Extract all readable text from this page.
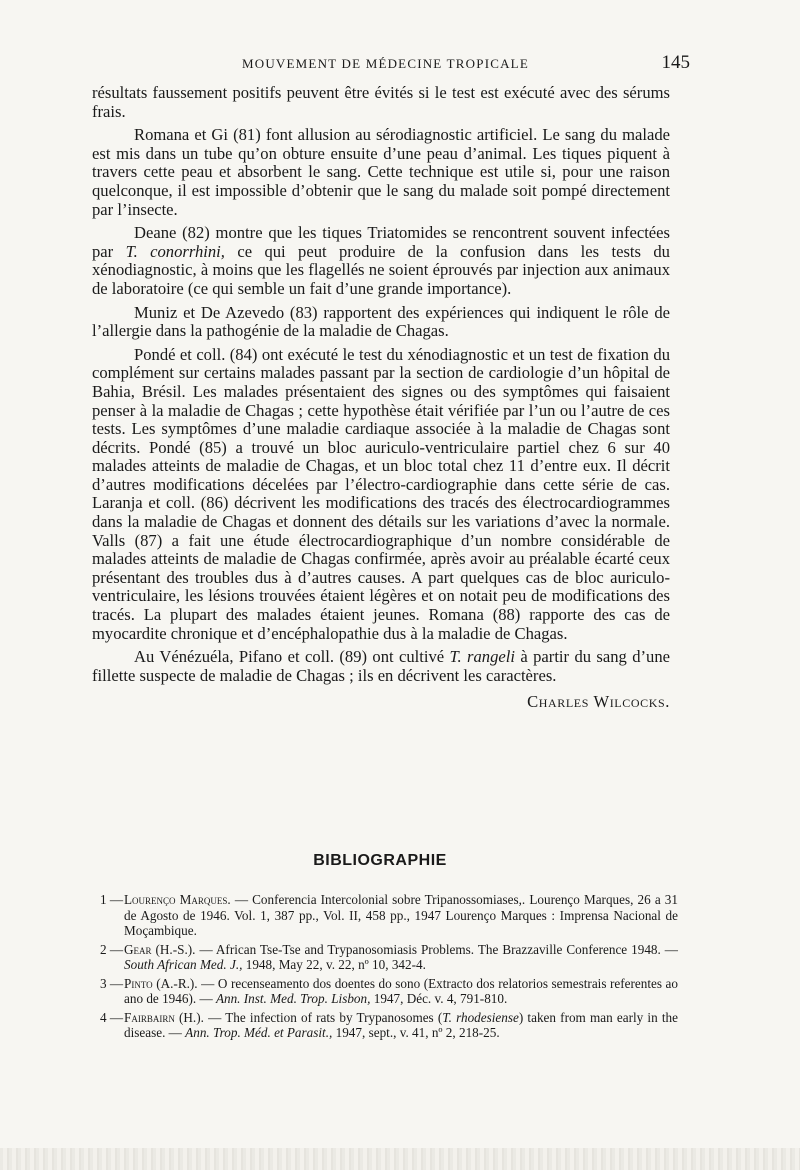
MOUVEMENT DE MÉDECINE TROPICALE	145

résultats faussement positifs peuvent être évités si le test est exécuté avec des sérums frais.

Romana et Gi (81) font allusion au sérodiagnostic artificiel. Le sang du malade est mis dans un tube qu’on obture ensuite d’une peau d’animal. Les tiques piquent à travers cette peau et absorbent le sang. Cette technique est utile si, pour une raison quelconque, il est impossible d’obtenir que le sang du malade soit pompé directement par l’insecte.

Deane (82) montre que les tiques Triatomides se rencontrent souvent infectées par T. conorrhini, ce qui peut produire de la confusion dans les tests du xénodiagnostic, à moins que les flagellés ne soient éprouvés par injection aux animaux de laboratoire (ce qui semble un fait d’une grande importance).

Muniz et De Azevedo (83) rapportent des expériences qui indiquent le rôle de l’allergie dans la pathogénie de la maladie de Chagas.

Pondé et coll. (84) ont exécuté le test du xénodiagnostic et un test de fixation du complément sur certains malades passant par la section de cardiologie d’un hôpital de Bahia, Brésil. Les malades présentaient des signes ou des symptômes qui faisaient penser à la maladie de Chagas ; cette hypothèse était vérifiée par l’un ou l’autre de ces tests. Les symptômes d’une maladie cardiaque associée à la maladie de Chagas sont décrits. Pondé (85) a trouvé un bloc auriculo-ventriculaire partiel chez 6 sur 40 malades atteints de maladie de Chagas, et un bloc total chez 11 d’entre eux. Il décrit d’autres modifications décelées par l’électro-cardiographie dans cette série de cas. Laranja et coll. (86) décrivent les modifications des tracés des électrocardiogrammes dans la maladie de Chagas et donnent des détails sur les variations d’avec la normale. Valls (87) a fait une étude électrocardiographique d’un nombre considérable de malades atteints de maladie de Chagas confirmée, après avoir au préalable écarté ceux présentant des troubles dus à d’autres causes. A part quelques cas de bloc auriculo-ventriculaire, les lésions trouvées étaient légères et on notait peu de modifications des tracés. La plupart des malades étaient jeunes. Romana (88) rapporte des cas de myocardite chronique et d’encéphalopathie dus à la maladie de Chagas.

Au Vénézuéla, Pifano et coll. (89) ont cultivé T. rangeli à partir du sang d’une fillette suspecte de maladie de Chagas ; ils en décrivent les caractères.

Charles Wilcocks.
BIBLIOGRAPHIE
1 — Lourenço Marques. — Conferencia Intercolonial sobre Tripanossomiases,. Lourenço Marques, 26 a 31 de Agosto de 1946. Vol. 1, 387 pp., Vol. II, 458 pp., 1947 Lourenço Marques : Imprensa Nacional de Moçambique.
2 — Gear (H.-S.). — African Tse-Tse and Trypanosomiasis Problems. The Brazzaville Conference 1948. — South African Med. J., 1948, May 22, v. 22, nº 10, 342-4.
3 — Pinto (A.-R.). — O recenseamento dos doentes do sono (Extracto dos relatorios semestrais referentes ao ano de 1946). — Ann. Inst. Med. Trop. Lisbon, 1947, Déc. v. 4, 791-810.
4 — Fairbairn (H.). — The infection of rats by Trypanosomes (T. rhodesiense) taken from man early in the disease. — Ann. Trop. Méd. et Parasit., 1947, sept., v. 41, nº 2, 218-25.
